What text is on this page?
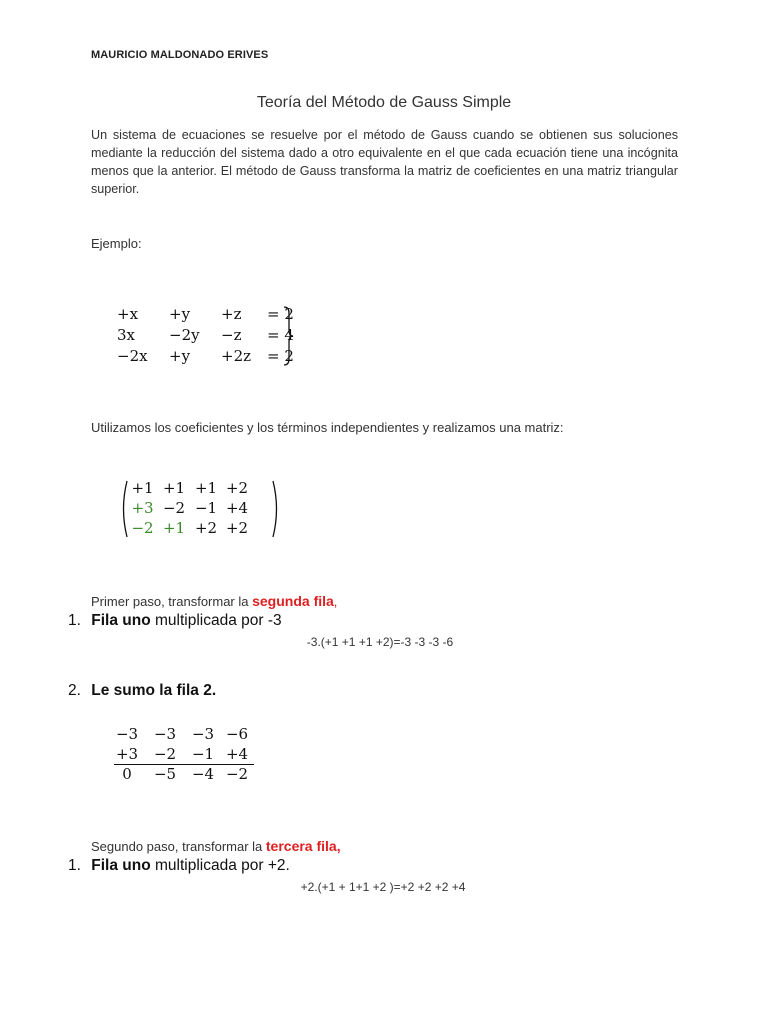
MAURICIO MALDONADO ERIVES
Teoría del Método de Gauss Simple
Un sistema de ecuaciones se resuelve por el método de Gauss cuando se obtienen sus soluciones mediante la reducción del sistema dado a otro equivalente en el que cada ecuación tiene una incógnita menos que la anterior. El método de Gauss transforma la matriz de coeficientes en una matriz triangular superior.
Ejemplo:
+x	+y	+z	= 2
3x	−2y	−z	= 4
−2x	+y	+2z	= 2
Utilizamos los coeficientes y los términos independientes y realizamos una matriz:
+1 +1 +1 +2
+3 −2 −1 +4
−2 +1 +2 +2
Primer paso, transformar la segunda fila,
1. Fila uno multiplicada por -3
-3.(+1 +1 +1 +2)=-3 -3 -3 -6
2. Le sumo la fila 2.
−3	−3	−3 −6
+3	−2	−1 +4
0	−5	−4 −2
Segundo paso, transformar la tercera fila,
1. Fila uno multiplicada por +2.
+2.(+1 + 1+1 +2 )=+2 +2 +2 +4
